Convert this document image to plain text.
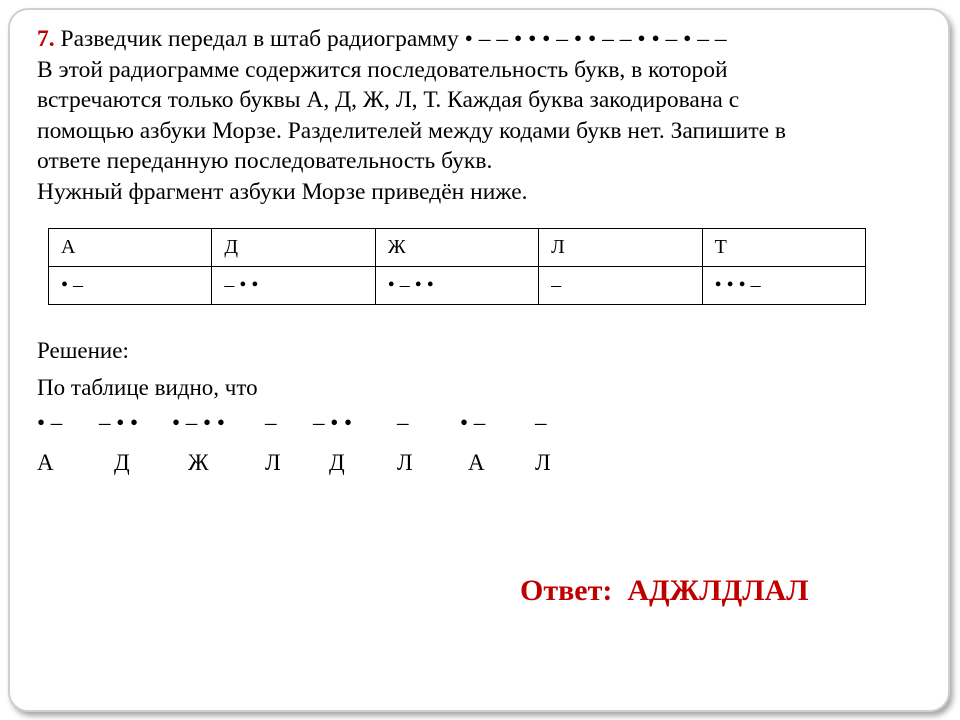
7. Разведчик передал в штаб радиограмму • – – • • • – • • – – • • – • – –
В этой радиограмме содержится последовательность букв, в которой
встречаются только буквы А, Д, Ж, Л, Т. Каждая буква закодирована с
помощью азбуки Морзе. Разделителей между кодами букв нет. Запишите в
ответе переданную последовательность букв.
Нужный фрагмент азбуки Морзе приведён ниже.
А	Д	Ж	Л	Т
• –	– • •	• – • •	–	• • • –
Решение:
По таблице видно, что
• – – • • • – • • – – • • – • – –
А	Д	Ж Л Д Л А Л
Ответ: АДЖЛДЛАЛ
